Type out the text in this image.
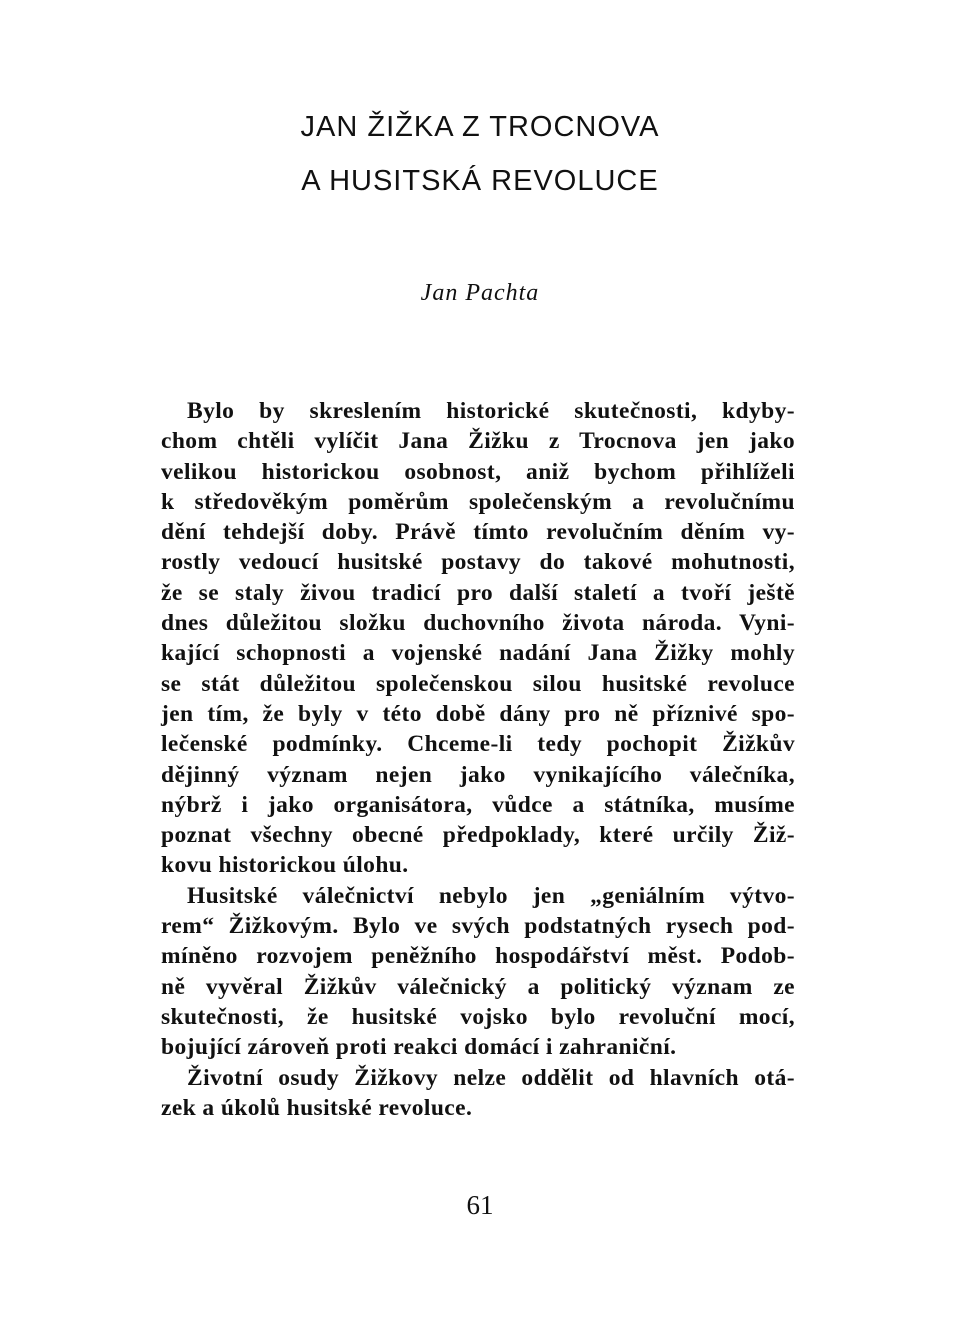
JAN ŽIŽKA Z TROCNOVA
A HUSITSKÁ REVOLUCE
Jan Pachta
Bylo by skreslením historické skutečnosti, kdyby-
chom chtěli vylíčit Jana Žižku z Trocnova jen jako
velikou historickou osobnost, aniž bychom přihlíželi
k středověkým poměrům společenským a revolučnímu
dění tehdejší doby. Právě tímto revolučním děním vy-
rostly vedoucí husitské postavy do takové mohutnosti,
že se staly živou tradicí pro další staletí a tvoří ještě
dnes důležitou složku duchovního života národa. Vyni-
kající schopnosti a vojenské nadání Jana Žižky mohly
se stát důležitou společenskou silou husitské revoluce
jen tím, že byly v této době dány pro ně příznivé spo-
lečenské podmínky. Chceme-li tedy pochopit Žižkův
dějinný význam nejen jako vynikajícího válečníka,
nýbrž i jako organisátora, vůdce a státníka, musíme
poznat všechny obecné předpoklady, které určily Žiž-
kovu historickou úlohu.
Husitské válečnictví nebylo jen „geniálním výtvo-
rem“ Žižkovým. Bylo ve svých podstatných rysech pod-
míněno rozvojem peněžního hospodářství měst. Podob-
ně vyvěral Žižkův válečnický a politický význam ze
skutečnosti, že husitské vojsko bylo revoluční mocí,
bojující zároveň proti reakci domácí i zahraniční.
Životní osudy Žižkovy nelze oddělit od hlavních otá-
zek a úkolů husitské revoluce.
61
